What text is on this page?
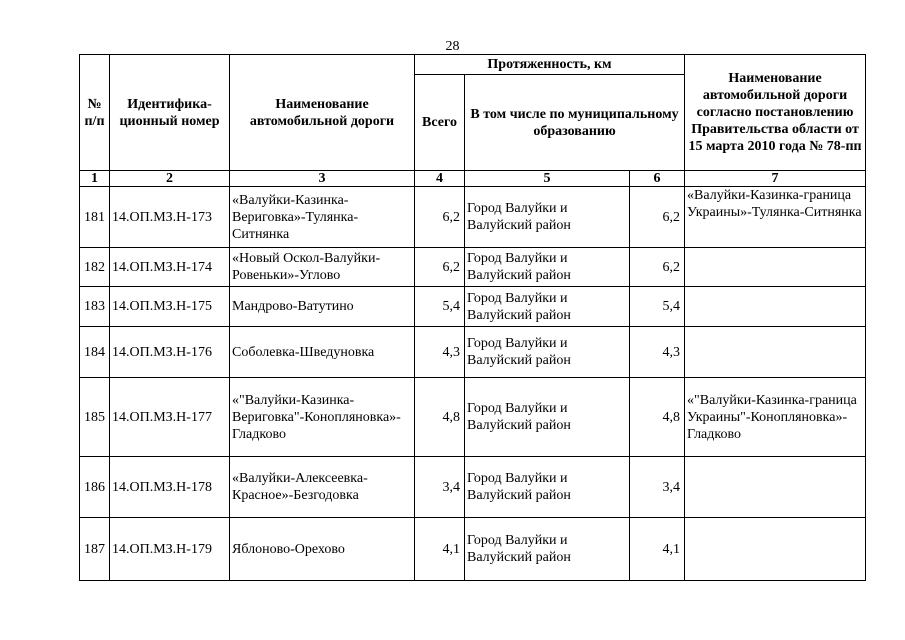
28
№ п/п	Идентифика-ционный номер	Наименование автомобильной дороги	Протяженность, км			Наименование автомобильной дороги согласно постановлению Правительства области от 15 марта 2010 года № 78-пп
			Всего	В том числе по муниципальному образованию		
1	2	3	4	5	6	7
181	14.ОП.МЗ.Н-173	«Валуйки-Казинка-Вериговка»-Тулянка-Ситнянка	6,2	Город Валуйки и Валуйский район	6,2	«Валуйки-Казинка-граница Украины»-Тулянка-Ситнянка
182	14.ОП.МЗ.Н-174	«Новый Оскол-Валуйки-Ровеньки»-Углово	6,2	Город Валуйки и Валуйский район	6,2	
183	14.ОП.МЗ.Н-175	Мандрово-Ватутино	5,4	Город Валуйки и Валуйский район	5,4	
184	14.ОП.МЗ.Н-176	Соболевка-Шведуновка	4,3	Город Валуйки и Валуйский район	4,3	
185	14.ОП.МЗ.Н-177	«"Валуйки-Казинка-Вериговка"-Конопляновка»-Гладково	4,8	Город Валуйки и Валуйский район	4,8	«"Валуйки-Казинка-граница Украины"-Конопляновка»-Гладково
186	14.ОП.МЗ.Н-178	«Валуйки-Алексеевка-Красное»-Безгодовка	3,4	Город Валуйки и Валуйский район	3,4	
187	14.ОП.МЗ.Н-179	Яблоново-Орехово	4,1	Город Валуйки и Валуйский район	4,1	
